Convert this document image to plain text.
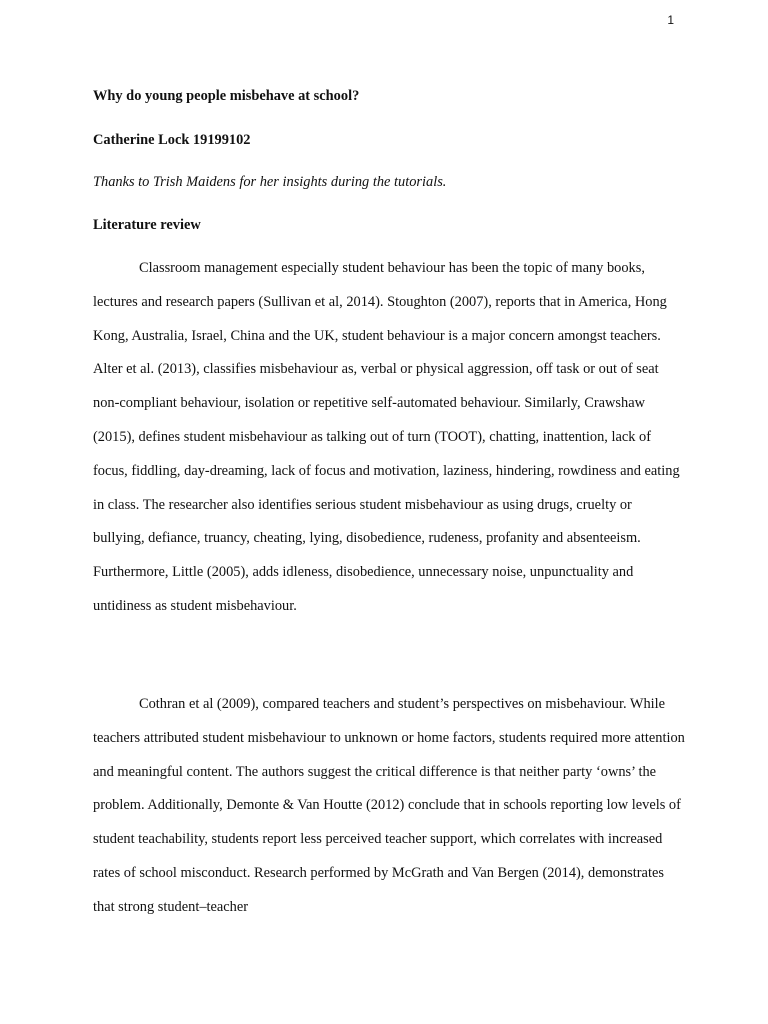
1
Why do young people misbehave at school?
Catherine Lock 19199102
Thanks to Trish Maidens for her insights during the tutorials.
Literature review

Classroom management especially student behaviour has been the topic of many books, lectures and research papers (Sullivan et al, 2014). Stoughton (2007), reports that in America, Hong Kong, Australia, Israel, China and the UK, student behaviour is a major concern amongst teachers. Alter et al. (2013), classifies misbehaviour as, verbal or physical aggression, off task or out of seat non-compliant behaviour, isolation or repetitive self-automated behaviour. Similarly, Crawshaw (2015), defines student misbehaviour as talking out of turn (TOOT), chatting, inattention, lack of focus, fiddling, day-dreaming, lack of focus and motivation, laziness, hindering, rowdiness and eating in class. The researcher also identifies serious student misbehaviour as using drugs, cruelty or bullying, defiance, truancy, cheating, lying, disobedience, rudeness, profanity and absenteeism. Furthermore, Little (2005), adds idleness, disobedience, unnecessary noise, unpunctuality and untidiness as student misbehaviour.

Cothran et al (2009), compared teachers and student’s perspectives on misbehaviour. While teachers attributed student misbehaviour to unknown or home factors, students required more attention and meaningful content. The authors suggest the critical difference is that neither party ‘owns’ the problem. Additionally, Demonte & Van Houtte (2012) conclude that in schools reporting low levels of student teachability, students report less perceived teacher support, which correlates with increased rates of school misconduct. Research performed by McGrath and Van Bergen (2014), demonstrates that strong student–teacher
